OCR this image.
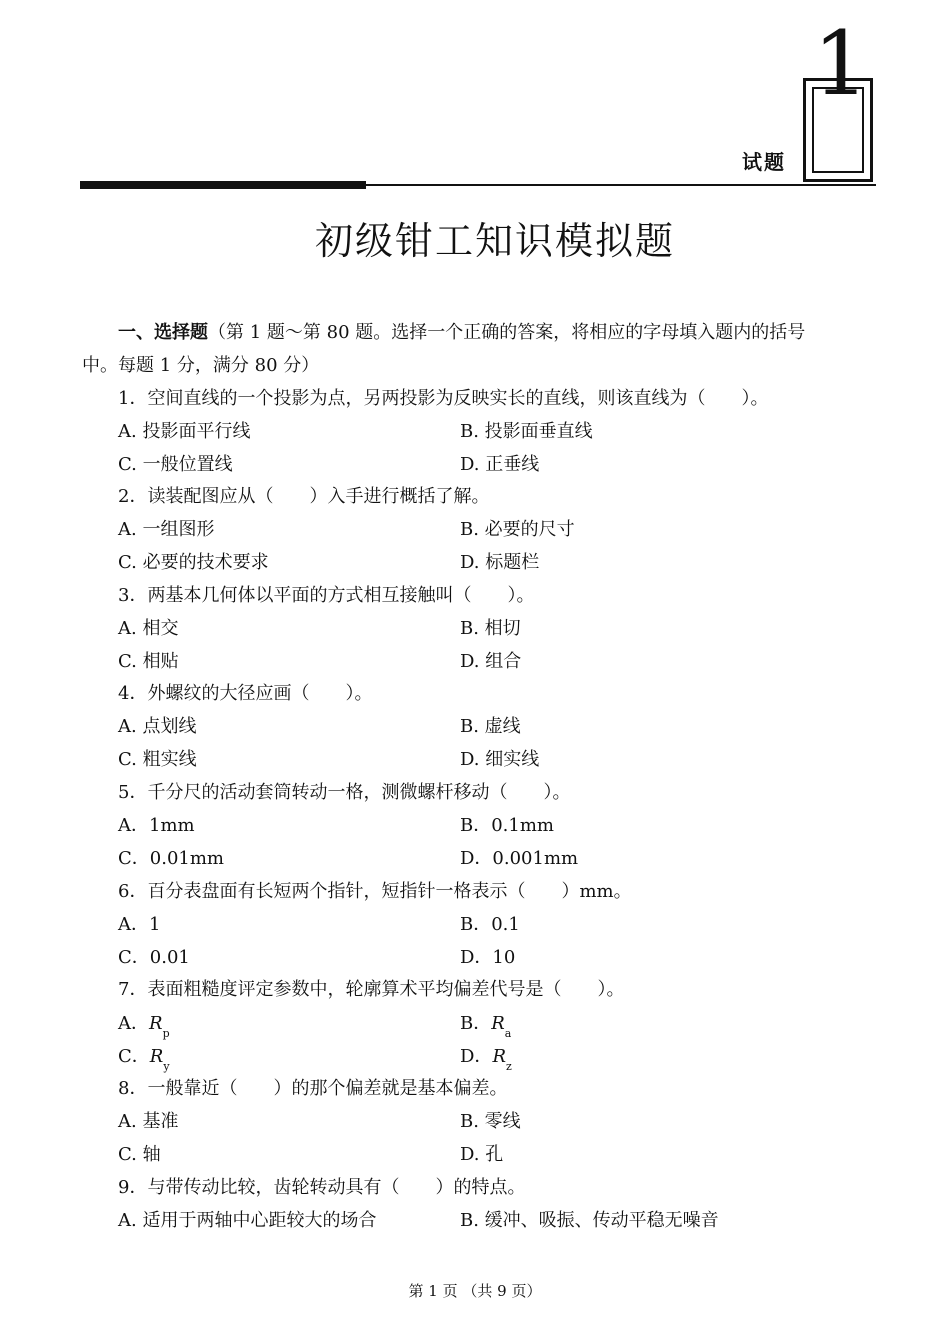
试题
1
初级钳工知识模拟题
一、选择题（第 1 题～第 80 题。选择一个正确的答案，将相应的字母填入题内的括号
中。每题 1 分，满分 80 分）
1．空间直线的一个投影为点，另两投影为反映实长的直线，则该直线为（　　）。
A. 投影面平行线	B. 投影面垂直线
C. 一般位置线	D. 正垂线
2．读装配图应从（　　）入手进行概括了解。
A. 一组图形	B. 必要的尺寸
C. 必要的技术要求	D. 标题栏
3．两基本几何体以平面的方式相互接触叫（　　）。
A. 相交	B. 相切
C. 相贴	D. 组合
4．外螺纹的大径应画（　　）。
A. 点划线	B. 虚线
C. 粗实线	D. 细实线
5．千分尺的活动套筒转动一格，测微螺杆移动（　　）。
A．1mm	B．0.1mm
C．0.01mm	D．0.001mm
6．百分表盘面有长短两个指针，短指针一格表示（　　）mm。
A．1	B．0.1
C．0.01	D．10
7．表面粗糙度评定参数中，轮廓算术平均偏差代号是（　　）。
A．$R_p$	B．$R_a$
C．$R_y$	D．$R_z$
8．一般靠近（　　）的那个偏差就是基本偏差。
A. 基准	B. 零线
C. 轴	D. 孔
9．与带传动比较，齿轮转动具有（　　）的特点。
A. 适用于两轴中心距较大的场合	B. 缓冲、吸振、传动平稳无噪音
第 1 页 （共 9 页）
